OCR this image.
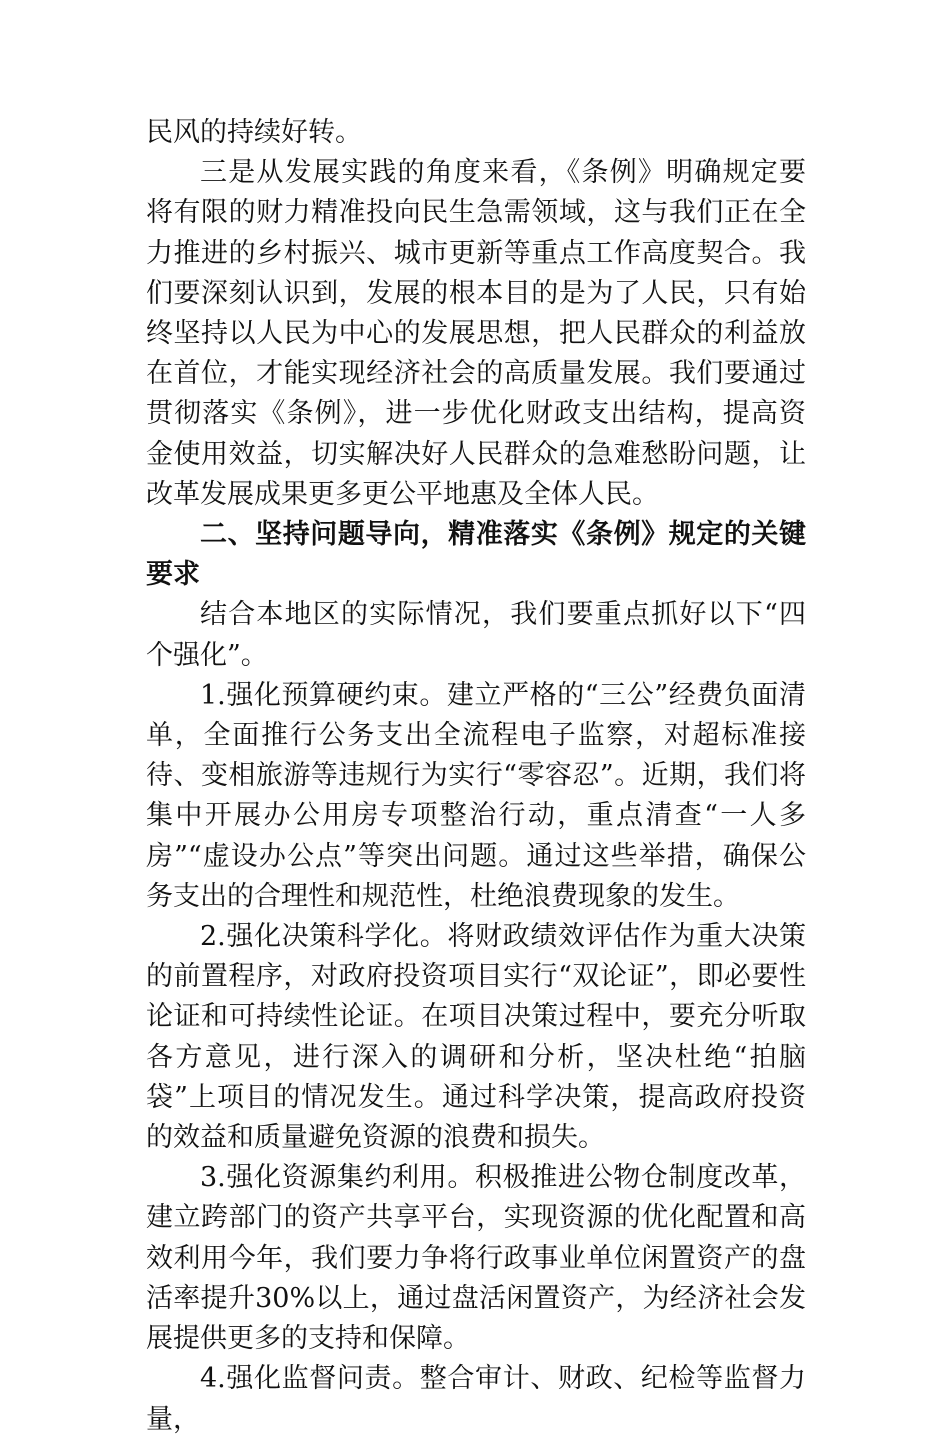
民风的持续好转。

三是从发展实践的角度来看，《条例》明确规定要将有限的财力精准投向民生急需领域，这与我们正在全力推进的乡村振兴、城市更新等重点工作高度契合。我们要深刻认识到，发展的根本目的是为了人民，只有始终坚持以人民为中心的发展思想，把人民群众的利益放在首位，才能实现经济社会的高质量发展。我们要通过贯彻落实《条例》，进一步优化财政支出结构，提高资金使用效益，切实解决好人民群众的急难愁盼问题，让改革发展成果更多更公平地惠及全体人民。

二、坚持问题导向，精准落实《条例》规定的关键要求

结合本地区的实际情况，我们要重点抓好以下“四个强化”。

1.强化预算硬约束。建立严格的“三公”经费负面清单，全面推行公务支出全流程电子监察，对超标准接待、变相旅游等违规行为实行“零容忍”。近期，我们将集中开展办公用房专项整治行动，重点清查“一人多房”“虚设办公点”等突出问题。通过这些举措，确保公务支出的合理性和规范性，杜绝浪费现象的发生。

2.强化决策科学化。将财政绩效评估作为重大决策的前置程序，对政府投资项目实行“双论证”，即必要性论证和可持续性论证。在项目决策过程中，要充分听取各方意见，进行深入的调研和分析，坚决杜绝“拍脑袋”上项目的情况发生。通过科学决策，提高政府投资的效益和质量避免资源的浪费和损失。

3.强化资源集约利用。积极推进公物仓制度改革，建立跨部门的资产共享平台，实现资源的优化配置和高效利用今年，我们要力争将行政事业单位闲置资产的盘活率提升30%以上，通过盘活闲置资产，为经济社会发展提供更多的支持和保障。

4.强化监督问责。整合审计、财政、纪检等监督力量，
